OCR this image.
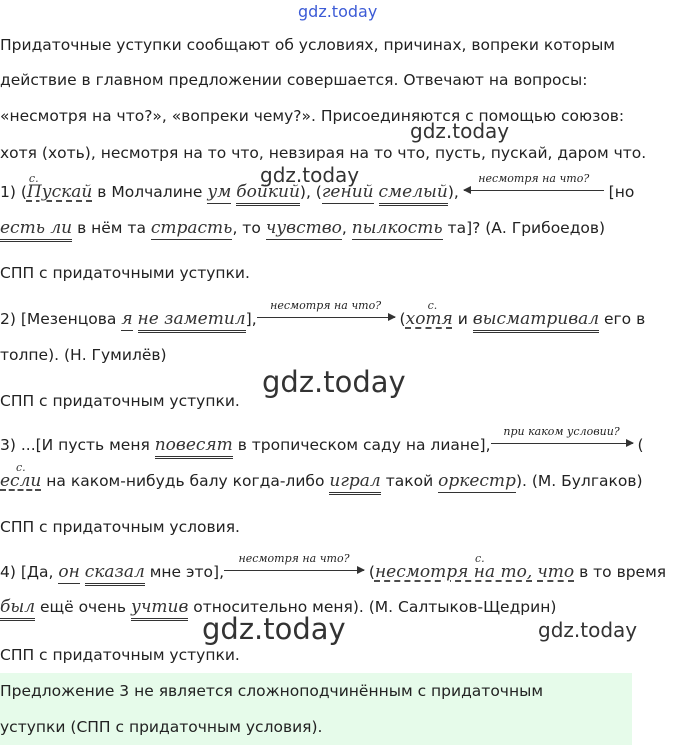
gdz.today
gdz.today
gdz.today
gdz.today
gdz.today	gdz.today
Придаточные уступки сообщают об условиях, причинах, вопреки которым
действие в главном предложении совершается. Отвечают на вопросы:
«несмотря на что?», «вопреки чему?». Присоединяются с помощью союзов:
хотя (хоть), несмотря на то что, невзирая на то что, пусть, пускай, даром что.
1) (
с.
Пускай в Молчалине ум бойкий), (гений смелый),
несмотря на что?
[но
есть ли в нём та страсть, то чувство, пылкость та]? (А. Грибоедов)
СПП с придаточными уступки.
2) [Мезенцова я не заметил],
несмотря на что?
(
с.
хотя и высматривал его в
толпе). (Н. Гумилёв)
СПП с придаточным уступки.
3) ...[И пусть меня повесят в тропическом саду на лиане],
при каком условии?
(
с.
если на каком-нибудь балу когда-либо играл такой оркестр). (М. Булгаков)
СПП с придаточным условия.
4) [Да, он сказал мне это],
несмотря на что?
(
с.
несмотря на то, что в то время
был ещё очень учтив относительно меня). (М. Салтыков-Щедрин)
СПП с придаточным уступки.
Предложение 3 не является сложноподчинённым с придаточным
уступки (СПП с придаточным условия).
